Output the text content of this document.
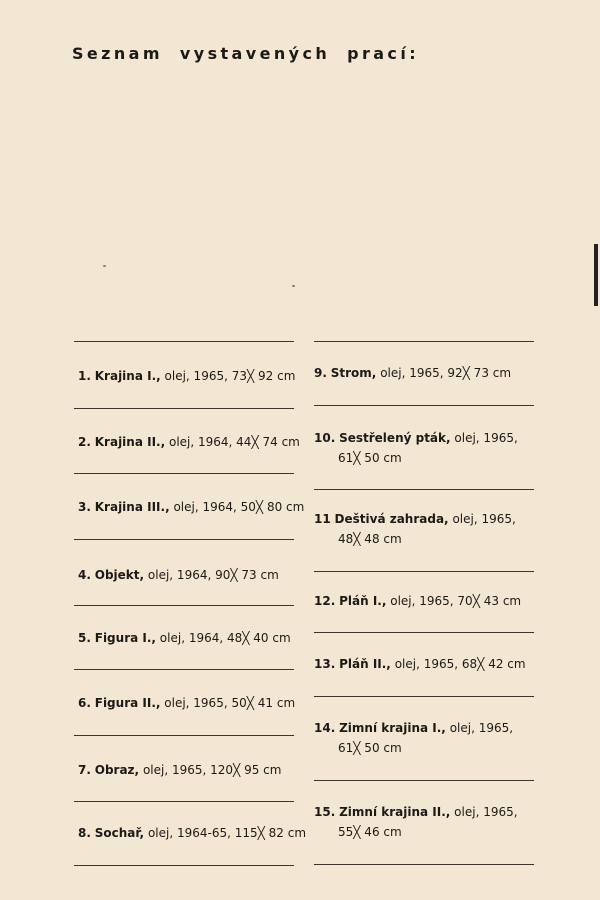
Seznam vystavených prací:
1. Krajina I., olej, 1965, 73╳ 92 cm
2. Krajina II., olej, 1964, 44╳ 74 cm
3. Krajina III., olej, 1964, 50╳ 80 cm
4. Objekt, olej, 1964, 90╳ 73 cm
5. Figura I., olej, 1964, 48╳ 40 cm
6. Figura II., olej, 1965, 50╳ 41 cm
7. Obraz, olej, 1965, 120╳ 95 cm
8. Sochař, olej, 1964-65, 115╳ 82 cm
9. Strom, olej, 1965, 92╳ 73 cm
10. Sestřelený pták, olej, 1965,
61╳ 50 cm
11 Deštivá zahrada, olej, 1965,
48╳ 48 cm
12. Pláň I., olej, 1965, 70╳ 43 cm
13. Pláň II., olej, 1965, 68╳ 42 cm
14. Zimní krajina I., olej, 1965,
61╳ 50 cm
15. Zimní krajina II., olej, 1965,
55╳ 46 cm
